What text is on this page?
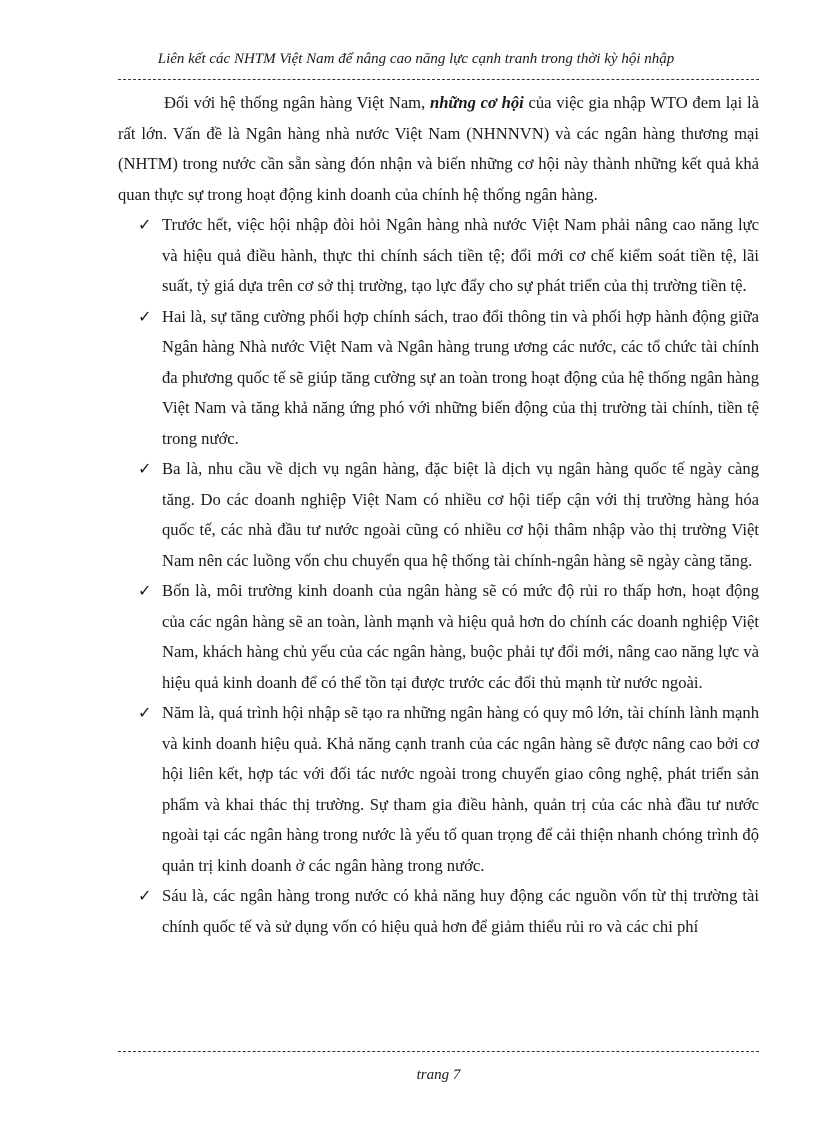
Liên kết các NHTM Việt Nam để nâng cao năng lực cạnh tranh trong thời kỳ hội nhập

Đối với hệ thống ngân hàng Việt Nam, những cơ hội của việc gia nhập WTO đem lại là rất lớn. Vấn đề là Ngân hàng nhà nước Việt Nam (NHNNVN) và các ngân hàng thương mại (NHTM) trong nước cần sẵn sàng đón nhận và biến những cơ hội này thành những kết quả khả quan thực sự trong hoạt động kinh doanh của chính hệ thống ngân hàng.

✓ Trước hết, việc hội nhập đòi hỏi Ngân hàng nhà nước Việt Nam phải nâng cao năng lực và hiệu quả điều hành, thực thi chính sách tiền tệ; đổi mới cơ chế kiểm soát tiền tệ, lãi suất, tỷ giá dựa trên cơ sở thị trường, tạo lực đẩy cho sự phát triển của thị trường tiền tệ.
✓ Hai là, sự tăng cường phối hợp chính sách, trao đổi thông tin và phối hợp hành động giữa Ngân hàng Nhà nước Việt Nam và Ngân hàng trung ương các nước, các tổ chức tài chính đa phương quốc tế sẽ giúp tăng cường sự an toàn trong hoạt động của hệ thống ngân hàng Việt Nam và tăng khả năng ứng phó với những biến động của thị trường tài chính, tiền tệ trong nước.
✓ Ba là, nhu cầu về dịch vụ ngân hàng, đặc biệt là dịch vụ ngân hàng quốc tế ngày càng tăng. Do các doanh nghiệp Việt Nam có nhiều cơ hội tiếp cận với thị trường hàng hóa quốc tế, các nhà đầu tư nước ngoài cũng có nhiều cơ hội thâm nhập vào thị trường Việt Nam nên các luồng vốn chu chuyển qua hệ thống tài chính-ngân hàng sẽ ngày càng tăng.
✓ Bốn là, môi trường kinh doanh của ngân hàng sẽ có mức độ rủi ro thấp hơn, hoạt động của các ngân hàng sẽ an toàn, lành mạnh và hiệu quả hơn do chính các doanh nghiệp Việt Nam, khách hàng chủ yếu của các ngân hàng, buộc phải tự đổi mới, nâng cao năng lực và hiệu quả kinh doanh để có thể tồn tại được trước các đối thủ mạnh từ nước ngoài.
✓ Năm là, quá trình hội nhập sẽ tạo ra những ngân hàng có quy mô lớn, tài chính lành mạnh và kinh doanh hiệu quả. Khả năng cạnh tranh của các ngân hàng sẽ được nâng cao bởi cơ hội liên kết, hợp tác với đối tác nước ngoài trong chuyển giao công nghệ, phát triển sản phẩm và khai thác thị trường. Sự tham gia điều hành, quản trị của các nhà đầu tư nước ngoài tại các ngân hàng trong nước là yếu tố quan trọng để cải thiện nhanh chóng trình độ quản trị kinh doanh ở các ngân hàng trong nước.
✓ Sáu là, các ngân hàng trong nước có khả năng huy động các nguồn vốn từ thị trường tài chính quốc tế và sử dụng vốn có hiệu quả hơn để giảm thiểu rủi ro và các chi phí
trang 7
